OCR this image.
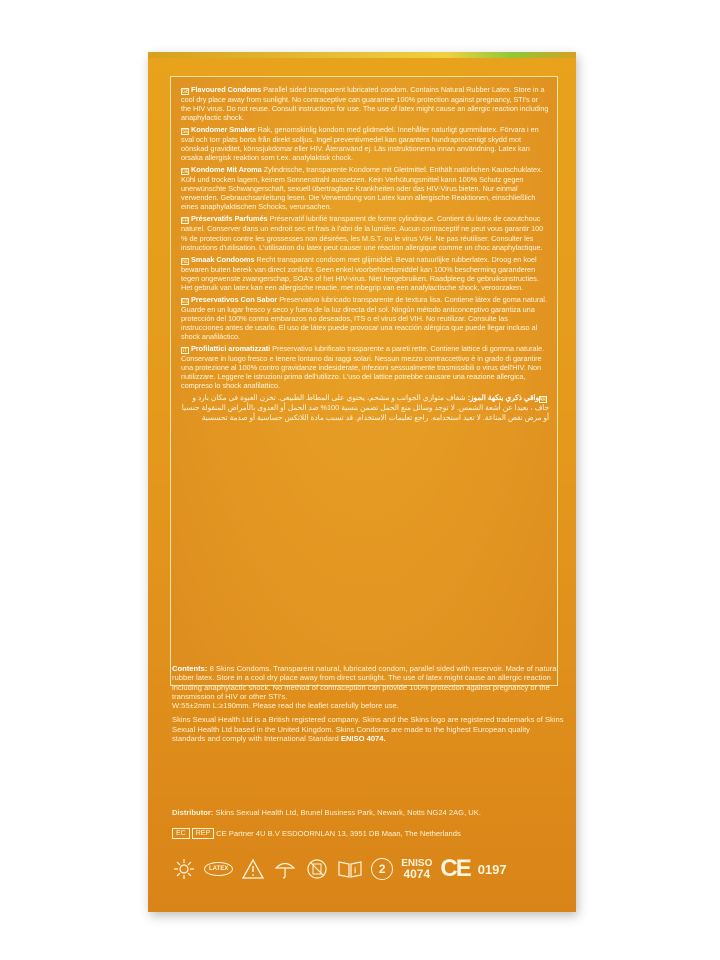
GB Flavoured Condoms Parallel sided transparent lubricated condom. Contains Natural Rubber Latex. Store in a cool dry place away from sunlight. No contraceptive can guarantee 100% protection against pregnancy, STI's or the HIV virus. Do not reuse. Consult instructions for use. The use of latex might cause an allergic reaction including anaphylactic shock.

SE Kondomer Smaker Rak, genomskinlig kondom med glidmedel. Innehåller naturligt gummilatex. Förvara i en sval och torr plats borta från direkt solljus. Ingel preventivmedel kan garantera hundraprocentigt skydd mot oönskad graviditet, könssjukdomar eller HIV. Återanvänd ej. Läs instruktionerna innan användning. Latex kan orsaka allergisk reaktion som t.ex. anafylaktisk chock.

DE Kondome Mit Aroma Zylindrische, transparente Kondome mit Gleitmittel. Enthält natürlichen Kautschuklatex. Kühl und trocken lagern, keinem Sonnenstrahl aussetzen. Kein Verhütungsmittel kann 100% Schutz gegen unerwünschte Schwangerschaft, sexuell übertragbare Krankheiten oder das HIV-Virus bieten. Nur einmal verwenden. Gebrauchsanleitung lesen. Die Verwendung von Latex kann allergische Reaktionen, einschließlich eines anaphylaktischen Schocks, verursachen.

FR Préservatifs Parfumés Préservatif lubrifié transparent de forme cylindrique. Contient du latex de caoutchouc naturel. Conserver dans un endroit sec et frais à l'abri de la lumière. Aucun contraceptif ne peut vous garantir 100 % de protection contre les grossesses non désirées, les M.S.T. ou le virus VIH. Ne pas réutiliser. Consulter les instructions d'utilisation. L'utilisation du latex peut causer une réaction allergique comme un choc anaphylactique.

NL Smaak Condooms Recht transparant condoom met glijmiddel. Bevat natuurlijke rubberlatex. Droog en koel bewaren buiten bereik van direct zonlicht. Geen enkel voorbehoedsmiddel kan 100% bescherming garanderen tegen ongewenste zwangerschap, SOA's of het HIV-virus. Niet hergebruiken. Raadpleeg de gebruiksinstructies. Het gebruik van latex kan een allergische reactie, met inbegrip van een anafylactische shock, veroorzaken.

ES Preservativos Con Sabor Preservativo lubricado transparente de textura lisa. Contiene látex de goma natural. Guarde en un lugar fresco y seco y fuera de la luz directa del sol. Ningún método anticonceptivo garantiza una protección del 100% contra embarazos no deseados, ITS o el virus del VIH. No reutilizar. Consulte las instrucciones antes de usarlo. El uso de látex puede provocar una reacción alérgica que puede llegar incluso al shock anafiláctico.

IT Profilattici aromatizzati Preservativo lubrificato trasparente a pareti rette. Contiene lattice di gomma naturale. Conservare in luogo fresco e tenere lontano dai raggi solari. Nessun mezzo contraccettivo è in grado di garantire una protezione al 100% contro gravidanze indesiderate, infezioni sessualmente trasmissibili o virus dell'HIV. Non riutilizzare. Leggere le istruzioni prima dell'utilizzo. L'uso del lattice potrebbe causare una reazione allergica, compreso lo shock anafilattico.

ARواقي ذكري بنكهة الموز: شفاف متوازي الجوانب و مشحم، يحتوي على المطاط الطبيعي. تخزن العبوة في مكان بارد و جاف ، بعيدا عن أشعة الشمس. لا توجد وسائل منع الحمل تضمن بنسبة 100% ضد الحمل أو العدوى بالأمراض المنقولة جنسيا أو مرض نقص المناعة. لا تعيد استخدامه. راجع تعليمات الاستخدام. قد تسبب مادة اللاتكس حساسية أو صدمة تحسسية

Contents: 8 Skins Condoms. Transparent natural, lubricated condom, parallel sided with reservoir. Made of natural rubber latex. Store in a cool dry place away from direct sunlight. The use of latex might cause an allergic reaction including anaphylactic shock. No method of contraception can provide 100% protection against pregnancy or the transmission of HIV or other STI's.
W:55±2mm L:≥190mm. Please read the leaflet carefully before use.

Skins Sexual Health Ltd is a British registered company. Skins and the Skins logo are registered trademarks of Skins Sexual Health Ltd based in the United Kingdom. Skins Condoms are made to the highest European quality standards and comply with International Standard ENISO 4074.

Distributor: Skins Sexual Health Ltd, Brunel Business Park, Newark, Notts NG24 2AG, UK.
EC	REP CE Partner 4U B.V ESDOORNLAN 13, 3951 DB Maan, The Netherlands
LATEX	i	2	ENISO
4074 CE 0197
